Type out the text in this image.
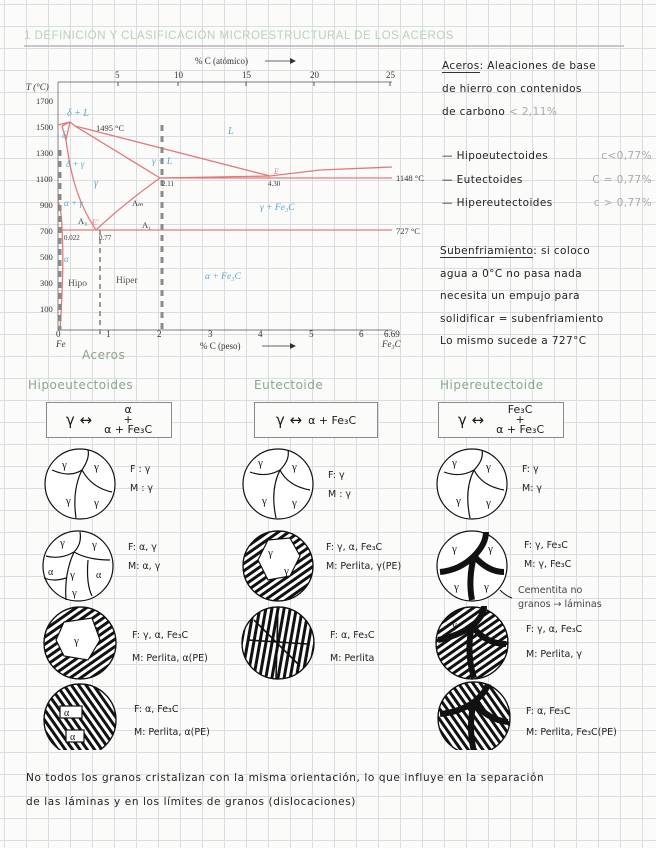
1 DEFINICIÓN Y CLASIFICACIÓN MICROESTRUCTURAL DE LOS ACEROS
% C (atómico)
5	10	15	20	25
T (°C)
1700
1500
1300
1100
900
700
500
300
100
0	1	2	3	4	5	6 6.69
Fe	Fe₃C
% C (peso)
1495 °C
1148 °C
727 °C
2.11	4.30
0.022	0.77
L
δ + L
δ
δ + γ
γ
γ + L
α + γ	γ + Fe₃C
α + Fe₃C
α
E
E'
Aₘ
A₁
A₃
Hipo	Hiper
Aceros
Aceros: Aleaciones de base
de hierro con contenidos
de carbono < 2,11%
— Hipoeutectoides	c<0,77%
— Eutectoides	C = 0,77%
— Hipereutectoides	c > 0,77%
Subenfriamiento: si coloco
agua a 0°C no pasa nada
necesita un empujo para
solidificar = subenfriamiento
Lo mismo sucede a 727°C
Hipoeutectoides	Eutectoide	Hipereutectoide
γ ↔
α
+
α + Fe₃C
γ ↔ α + Fe₃C	γ ↔
Fe₃C
+
α + Fe₃C
γ γ
γ γ
γ γ
α γ α
γ
γ
γ
α
α
γ	γ
γ γ
γ
γ
γ	γ
γ γ
γ	γ
γ γ
γ
F : γ
M : γ
F: α, γ
M: α, γ
F: γ, α, Fe₃C
M: Perlita, α(PE)
F: α, Fe₃C
M: Perlita, α(PE)
F: γ
M : γ
F: γ, α, Fe₃C
M: Perlita, γ(PE)
F: α, Fe₃C
M: Perlita
F: γ
M: γ
F: γ, Fe₃C
M: γ, Fe₃C
Cementita no
granos → láminas
F: γ, α, Fe₃C
M: Perlita, γ
F: α, Fe₃C
M: Perlita, Fe₃C(PE)
No todos los granos cristalizan con la misma orientación, lo que influye en la separación
de las láminas y en los límites de granos (dislocaciones)
